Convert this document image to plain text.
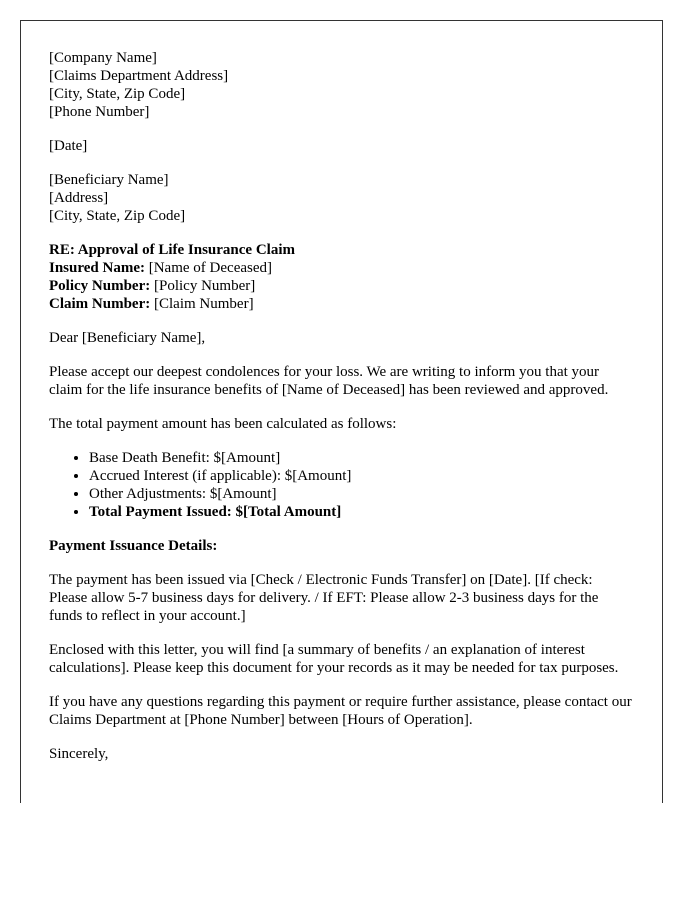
[Company Name]
[Claims Department Address]
[City, State, Zip Code]
[Phone Number]

[Date]

[Beneficiary Name]
[Address]
[City, State, Zip Code]

RE: Approval of Life Insurance Claim
Insured Name: [Name of Deceased]
Policy Number: [Policy Number]
Claim Number: [Claim Number]

Dear [Beneficiary Name],

Please accept our deepest condolences for your loss. We are writing to inform you that your claim for the life insurance benefits of [Name of Deceased] has been reviewed and approved.

The total payment amount has been calculated as follows:

• Base Death Benefit: $[Amount]
• Accrued Interest (if applicable): $[Amount]
• Other Adjustments: $[Amount]
• Total Payment Issued: $[Total Amount]

Payment Issuance Details:

The payment has been issued via [Check / Electronic Funds Transfer] on [Date]. [If check: Please allow 5-7 business days for delivery. / If EFT: Please allow 2-3 business days for the funds to reflect in your account.]

Enclosed with this letter, you will find [a summary of benefits / an explanation of interest calculations]. Please keep this document for your records as it may be needed for tax purposes.

If you have any questions regarding this payment or require further assistance, please contact our Claims Department at [Phone Number] between [Hours of Operation].

Sincerely,
